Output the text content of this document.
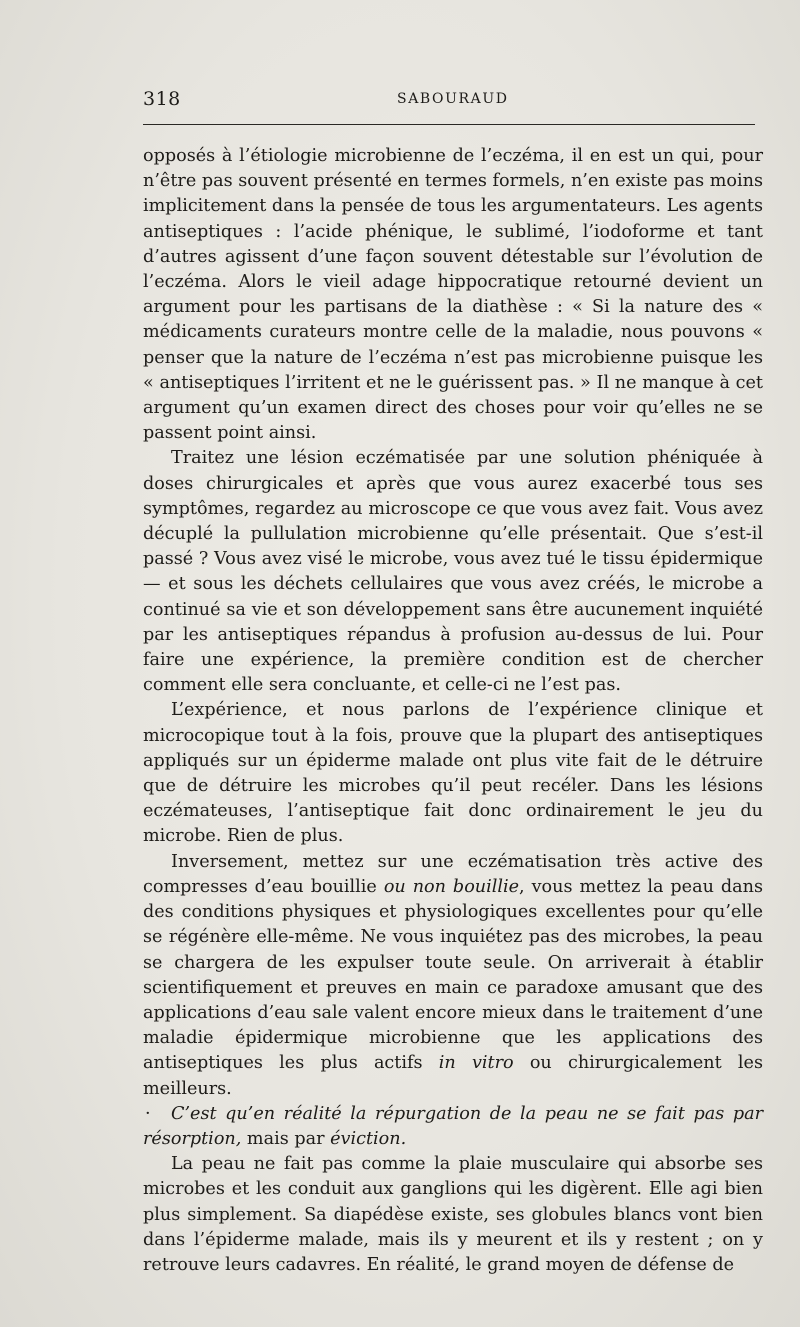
318	SABOURAUD

opposés à l’étiologie microbienne de l’eczéma, il en est un qui, pour n’être pas souvent présenté en termes formels, n’en existe pas moins implicitement dans la pensée de tous les argumentateurs. Les agents antiseptiques : l’acide phénique, le sublimé, l’iodoforme et tant d’autres agissent d’une façon souvent détestable sur l’évolution de l’eczéma. Alors le vieil adage hippocratique retourné devient un argument pour les partisans de la diathèse : « Si la nature des « médicaments curateurs montre celle de la maladie, nous pouvons « penser que la nature de l’eczéma n’est pas microbienne puisque les « antiseptiques l’irritent et ne le guérissent pas. » Il ne manque à cet argument qu’un examen direct des choses pour voir qu’elles ne se passent point ainsi.

Traitez une lésion eczématisée par une solution phéniquée à doses chirurgicales et après que vous aurez exacerbé tous ses symptômes, regardez au microscope ce que vous avez fait. Vous avez décuplé la pullulation microbienne qu’elle présentait. Que s’est-il passé ? Vous avez visé le microbe, vous avez tué le tissu épidermique — et sous les déchets cellulaires que vous avez créés, le microbe a continué sa vie et son développement sans être aucunement inquiété par les antiseptiques répandus à profusion au-dessus de lui. Pour faire une expérience, la première condition est de chercher comment elle sera concluante, et celle-ci ne l’est pas.

L’expérience, et nous parlons de l’expérience clinique et microcopique tout à la fois, prouve que la plupart des antiseptiques appliqués sur un épiderme malade ont plus vite fait de le détruire que de détruire les microbes qu’il peut recéler. Dans les lésions eczémateuses, l’antiseptique fait donc ordinairement le jeu du microbe. Rien de plus.

Inversement, mettez sur une eczématisation très active des compresses d’eau bouillie ou non bouillie, vous mettez la peau dans des conditions physiques et physiologiques excellentes pour qu’elle se régénère elle-même. Ne vous inquiétez pas des microbes, la peau se chargera de les expulser toute seule. On arriverait à établir scientifiquement et preuves en main ce paradoxe amusant que des applications d’eau sale valent encore mieux dans le traitement d’une maladie épidermique microbienne que les applications des antiseptiques les plus actifs in vitro ou chirurgicalement les meilleurs.

· C’est qu’en réalité la répurgation de la peau ne se fait pas par résorption, mais par éviction.

La peau ne fait pas comme la plaie musculaire qui absorbe ses microbes et les conduit aux ganglions qui les digèrent. Elle agi bien plus simplement. Sa diapédèse existe, ses globules blancs vont bien dans l’épiderme malade, mais ils y meurent et ils y restent ; on y retrouve leurs cadavres. En réalité, le grand moyen de défense de
